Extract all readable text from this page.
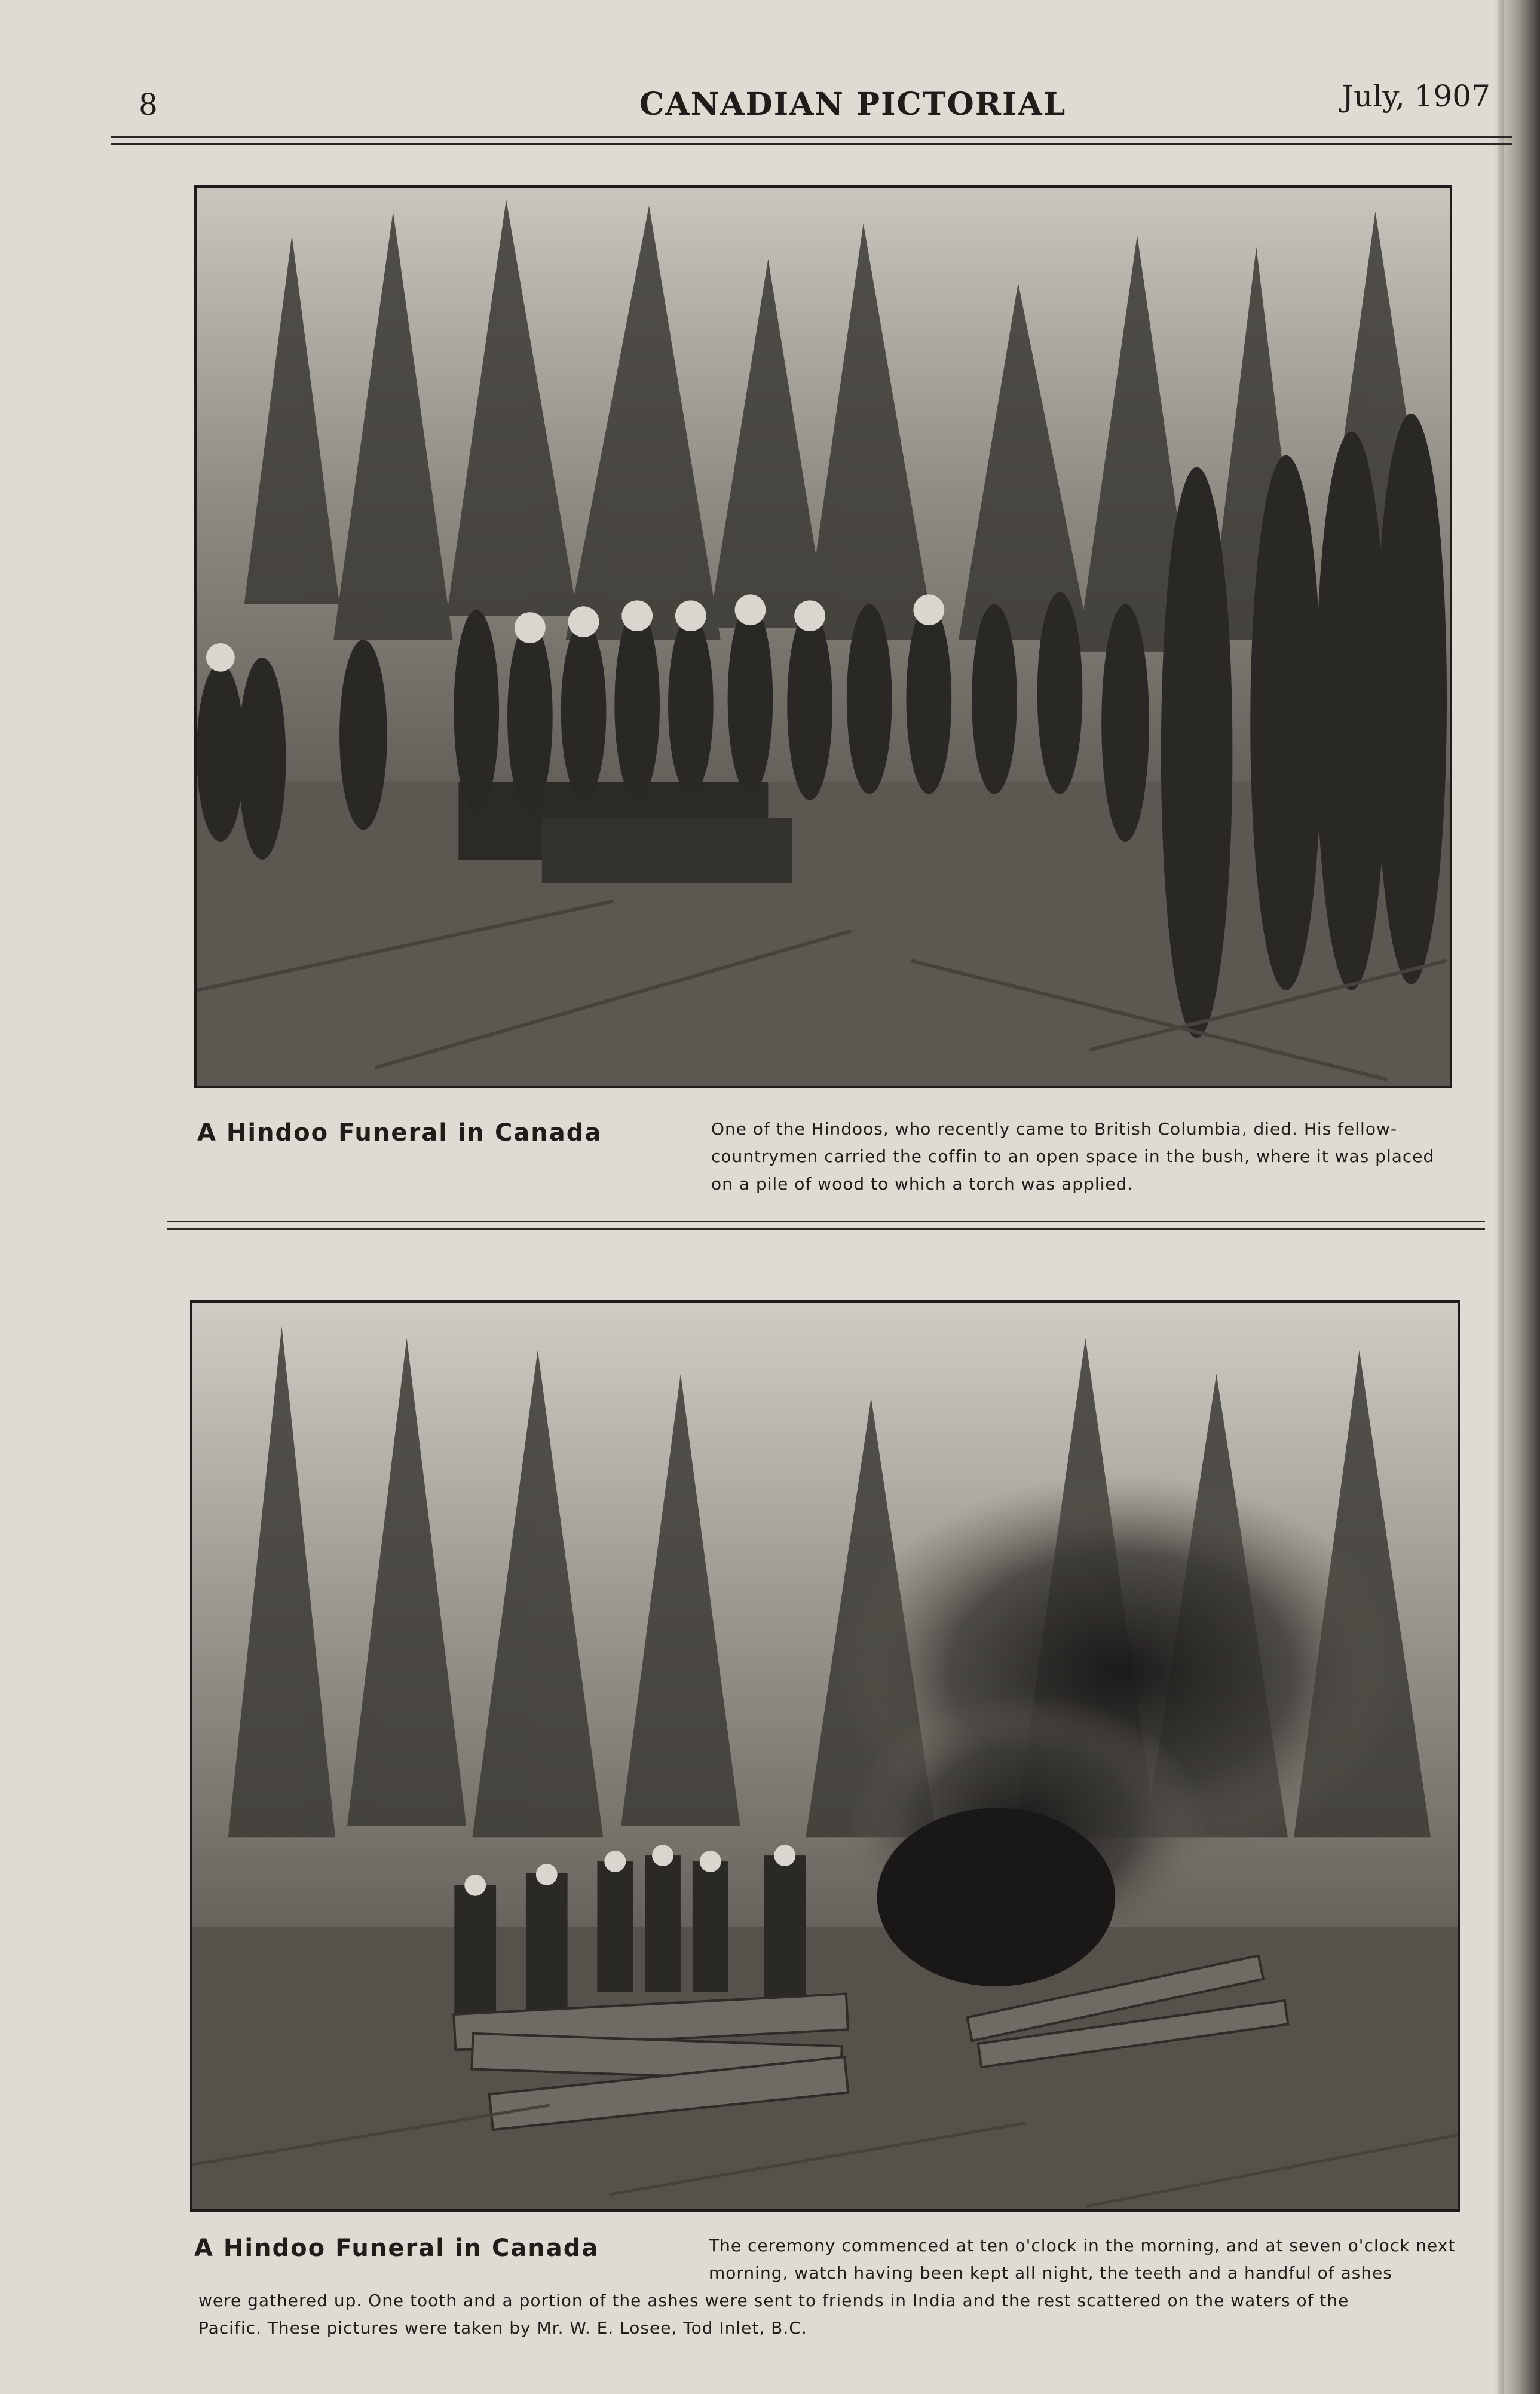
8	CANADIAN PICTORIAL	July, 1907
A Hindoo Funeral in Canada	One of the Hindoos, who recently came to British Columbia, died. His fellow-
countrymen carried the coffin to an open space in the bush, where it was placed
on a pile of wood to which a torch was applied.
A Hindoo Funeral in Canada	The ceremony commenced at ten o'clock in the morning, and at seven o'clock next
morning, watch having been kept all night, the teeth and a handful of ashes
were gathered up. One tooth and a portion of the ashes were sent to friends in India and the rest scattered on the waters of the
Pacific. These pictures were taken by Mr. W. E. Losee, Tod Inlet, B.C.
